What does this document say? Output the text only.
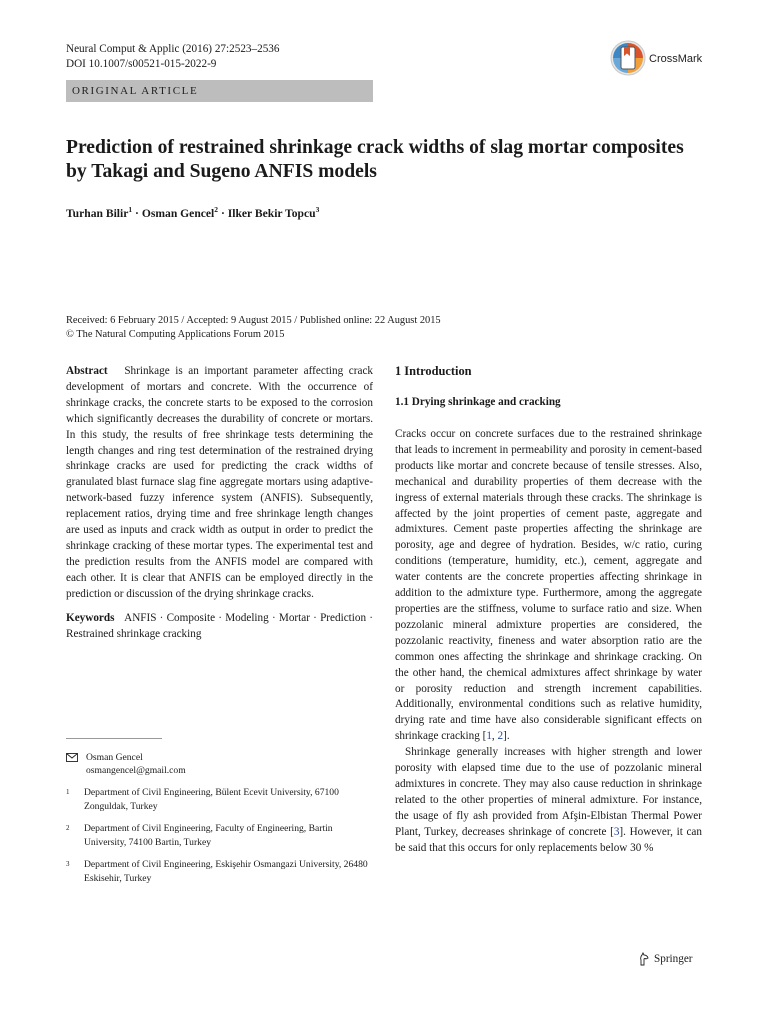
Neural Comput & Applic (2016) 27:2523–2536
DOI 10.1007/s00521-015-2022-9	CrossMark
ORIGINAL ARTICLE
Prediction of restrained shrinkage crack widths of slag mortar composites by Takagi and Sugeno ANFIS models
Turhan Bilir$^1$ · Osman Gencel$^2$ · Ilker Bekir Topcu$^3$
Received: 6 February 2015 / Accepted: 9 August 2015 / Published online: 22 August 2015
© The Natural Computing Applications Forum 2015

Abstract Shrinkage is an important parameter affecting crack development of mortars and concrete. With the occurrence of shrinkage cracks, the concrete starts to be exposed to the corrosion which significantly decreases the durability of concrete or mortars. In this study, the results of free shrinkage tests determining the length changes and ring test determination of the restrained drying shrinkage cracks are used for predicting the crack widths of granulated blast furnace slag fine aggregate mortars using adaptive-network-based fuzzy inference system (ANFIS). Subsequently, replacement ratios, drying time and free shrinkage length changes are used as inputs and crack width as output in order to predict the shrinkage cracking of these mortar types. The experimental test and the prediction results from the ANFIS model are compared with each other. It is clear that ANFIS can be employed directly in the prediction or discussion of the drying shrinkage cracks.

Keywords ANFIS · Composite · Modeling · Mortar · Prediction · Restrained shrinkage cracking

Osman Gencel
osmangencel@gmail.com
1	Department of Civil Engineering, Bülent Ecevit University, 67100 Zonguldak, Turkey
2	Department of Civil Engineering, Faculty of Engineering, Bartin University, 74100 Bartin, Turkey
3	Department of Civil Engineering, Eskişehir Osmangazi University, 26480 Eskisehir, Turkey
1 Introduction
1.1 Drying shrinkage and cracking

Cracks occur on concrete surfaces due to the restrained shrinkage that leads to increment in permeability and porosity in cement-based products like mortar and concrete because of tensile stresses. Also, mechanical and durability properties of them decrease with the ingress of external materials through these cracks. The shrinkage is affected by the joint properties of cement paste, aggregate and admixtures. Cement paste properties affecting the shrinkage are porosity, age and degree of hydration. Besides, w/c ratio, curing conditions (temperature, humidity, etc.), cement, aggregate and water contents are the concrete properties affecting shrinkage in addition to the admixture type. Furthermore, among the aggregate properties are the stiffness, volume to surface ratio and size. When pozzolanic mineral admixture properties are considered, the pozzolanic reactivity, fineness and water absorption ratio are the common ones affecting the shrinkage and shrinkage cracking. On the other hand, the chemical admixtures affect shrinkage by water or porosity reduction and strength increment capabilities. Additionally, environmental conditions such as relative humidity, drying rate and time have also considerable significant effects on shrinkage cracking [1, 2].

Shrinkage generally increases with higher strength and lower porosity with elapsed time due to the use of pozzolanic mineral admixtures in concrete. They may also cause reduction in shrinkage related to the other properties of mineral admixture. For instance, the usage of fly ash provided from Afşin-Elbistan Thermal Power Plant, Turkey, decreases shrinkage of concrete [3]. However, it can be said that this occurs for only replacements below 30 %

Springer
